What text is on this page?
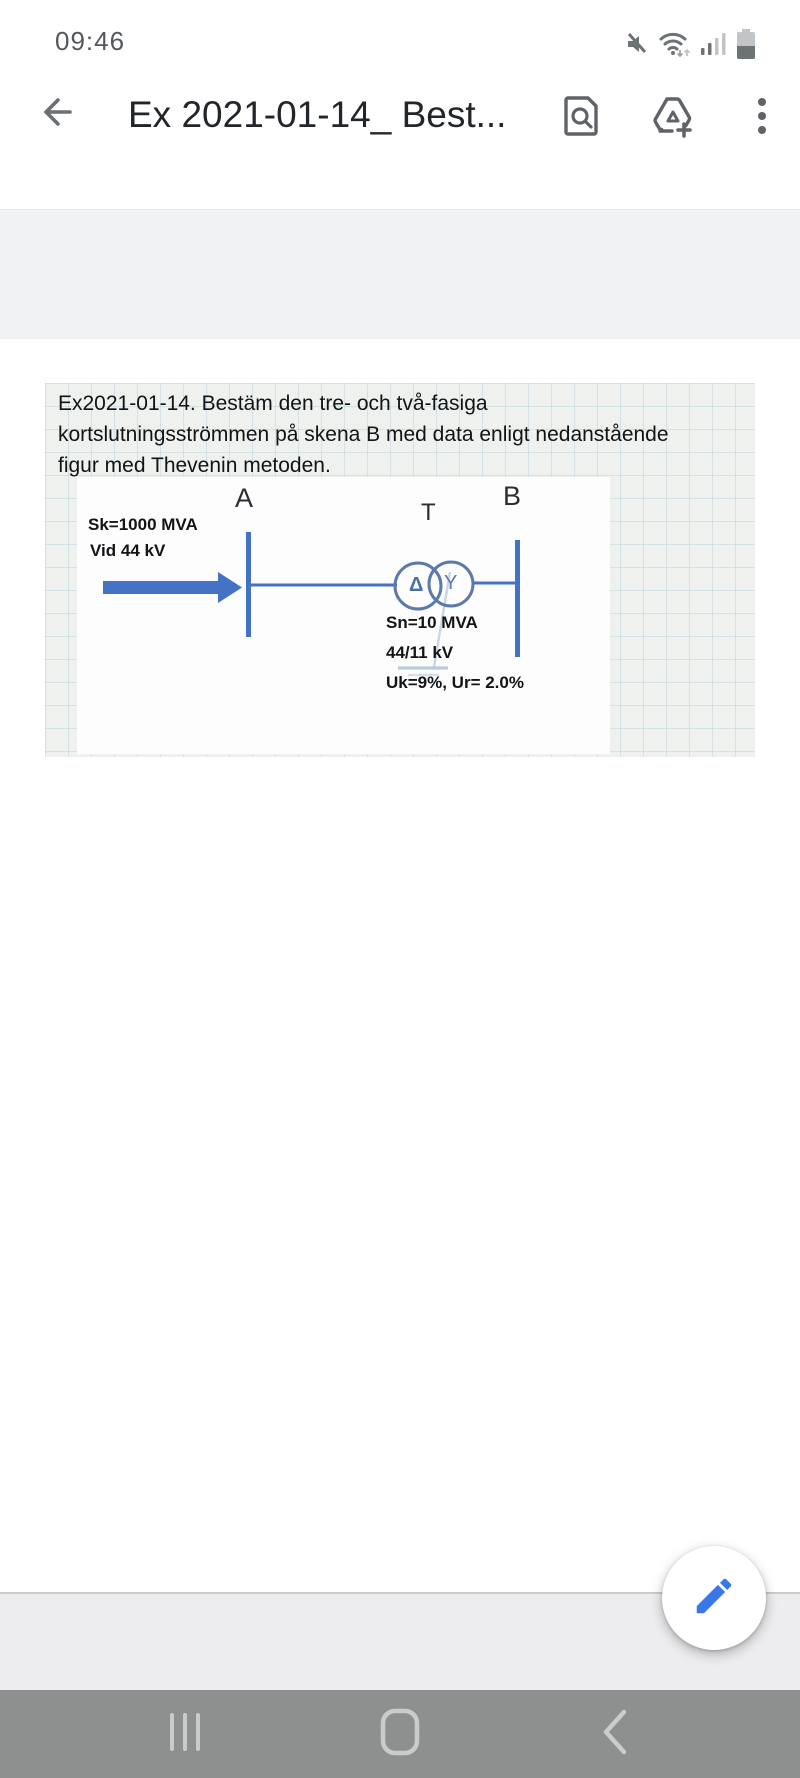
09:46
Ex 2021-01-14_ Best...
Ex2021-01-14. Bestäm den tre- och två-fasiga
kortslutningsströmmen på skena B med data enligt nedanstående
figur med Thevenin metoden.
Sk=1000 MVA
Vid 44 kV
A	T
B
Δ Y
Sn=10 MVA
44/11 kV
Uk=9%, Ur= 2.0%
